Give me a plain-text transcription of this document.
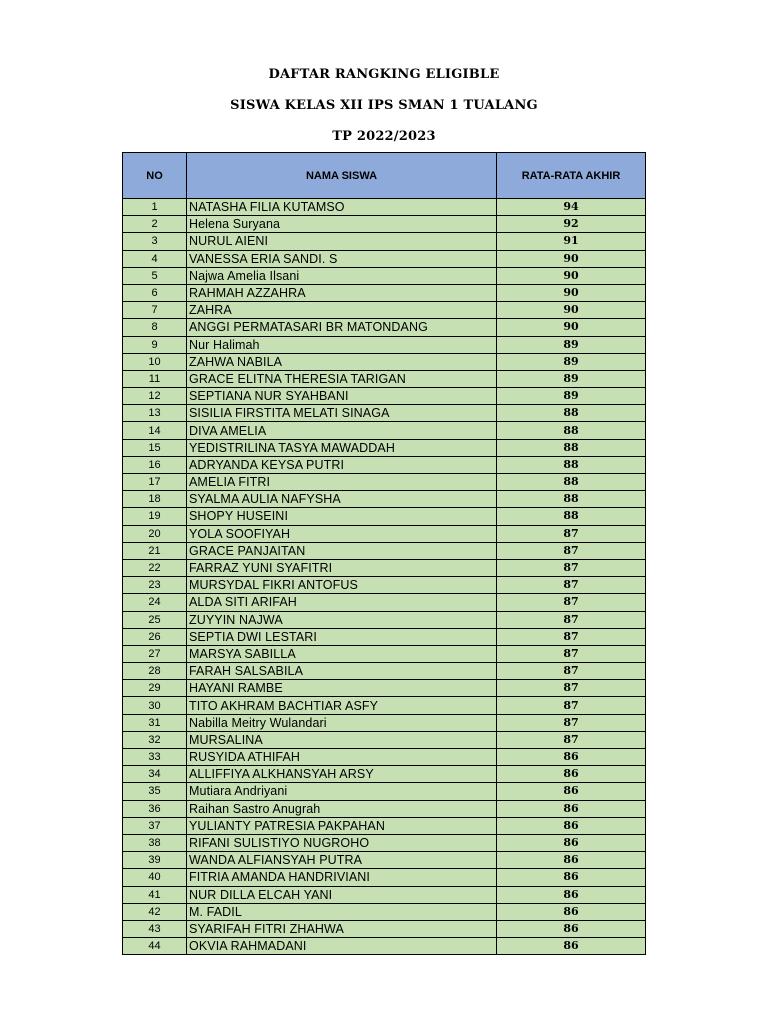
DAFTAR RANGKING ELIGIBLE
SISWA KELAS XII IPS SMAN 1 TUALANG
TP 2022/2023
NO	NAMA SISWA	RATA-RATA AKHIR
1	NATASHA FILIA KUTAMSO	94
2	Helena Suryana	92
3	NURUL AIENI	91
4	VANESSA ERIA SANDI. S	90
5	Najwa Amelia Ilsani	90
6	RAHMAH AZZAHRA	90
7	ZAHRA	90
8	ANGGI PERMATASARI BR MATONDANG	90
9	Nur Halimah	89
10	ZAHWA NABILA	89
11	GRACE ELITNA THERESIA TARIGAN	89
12	SEPTIANA NUR SYAHBANI	89
13	SISILIA FIRSTITA MELATI SINAGA	88
14	DIVA AMELIA	88
15	YEDISTRILINA TASYA MAWADDAH	88
16	ADRYANDA KEYSA PUTRI	88
17	AMELIA FITRI	88
18	SYALMA AULIA NAFYSHA	88
19	SHOPY HUSEINI	88
20	YOLA SOOFIYAH	87
21	GRACE PANJAITAN	87
22	FARRAZ YUNI SYAFITRI	87
23	MURSYDAL FIKRI ANTOFUS	87
24	ALDA SITI ARIFAH	87
25	ZUYYIN NAJWA	87
26	SEPTIA DWI LESTARI	87
27	MARSYA SABILLA	87
28	FARAH SALSABILA	87
29	HAYANI RAMBE	87
30	TITO AKHRAM BACHTIAR ASFY	87
31	Nabilla Meitry Wulandari	87
32	MURSALINA	87
33	RUSYIDA ATHIFAH	86
34	ALLIFFIYA ALKHANSYAH ARSY	86
35	Mutiara Andriyani	86
36	Raihan Sastro Anugrah	86
37	YULIANTY PATRESIA PAKPAHAN	86
38	RIFANI SULISTIYO NUGROHO	86
39	WANDA ALFIANSYAH PUTRA	86
40	FITRIA AMANDA HANDRIVIANI	86
41	NUR DILLA ELCAH YANI	86
42	M. FADIL	86
43	SYARIFAH FITRI ZHAHWA	86
44	OKVIA RAHMADANI	86
